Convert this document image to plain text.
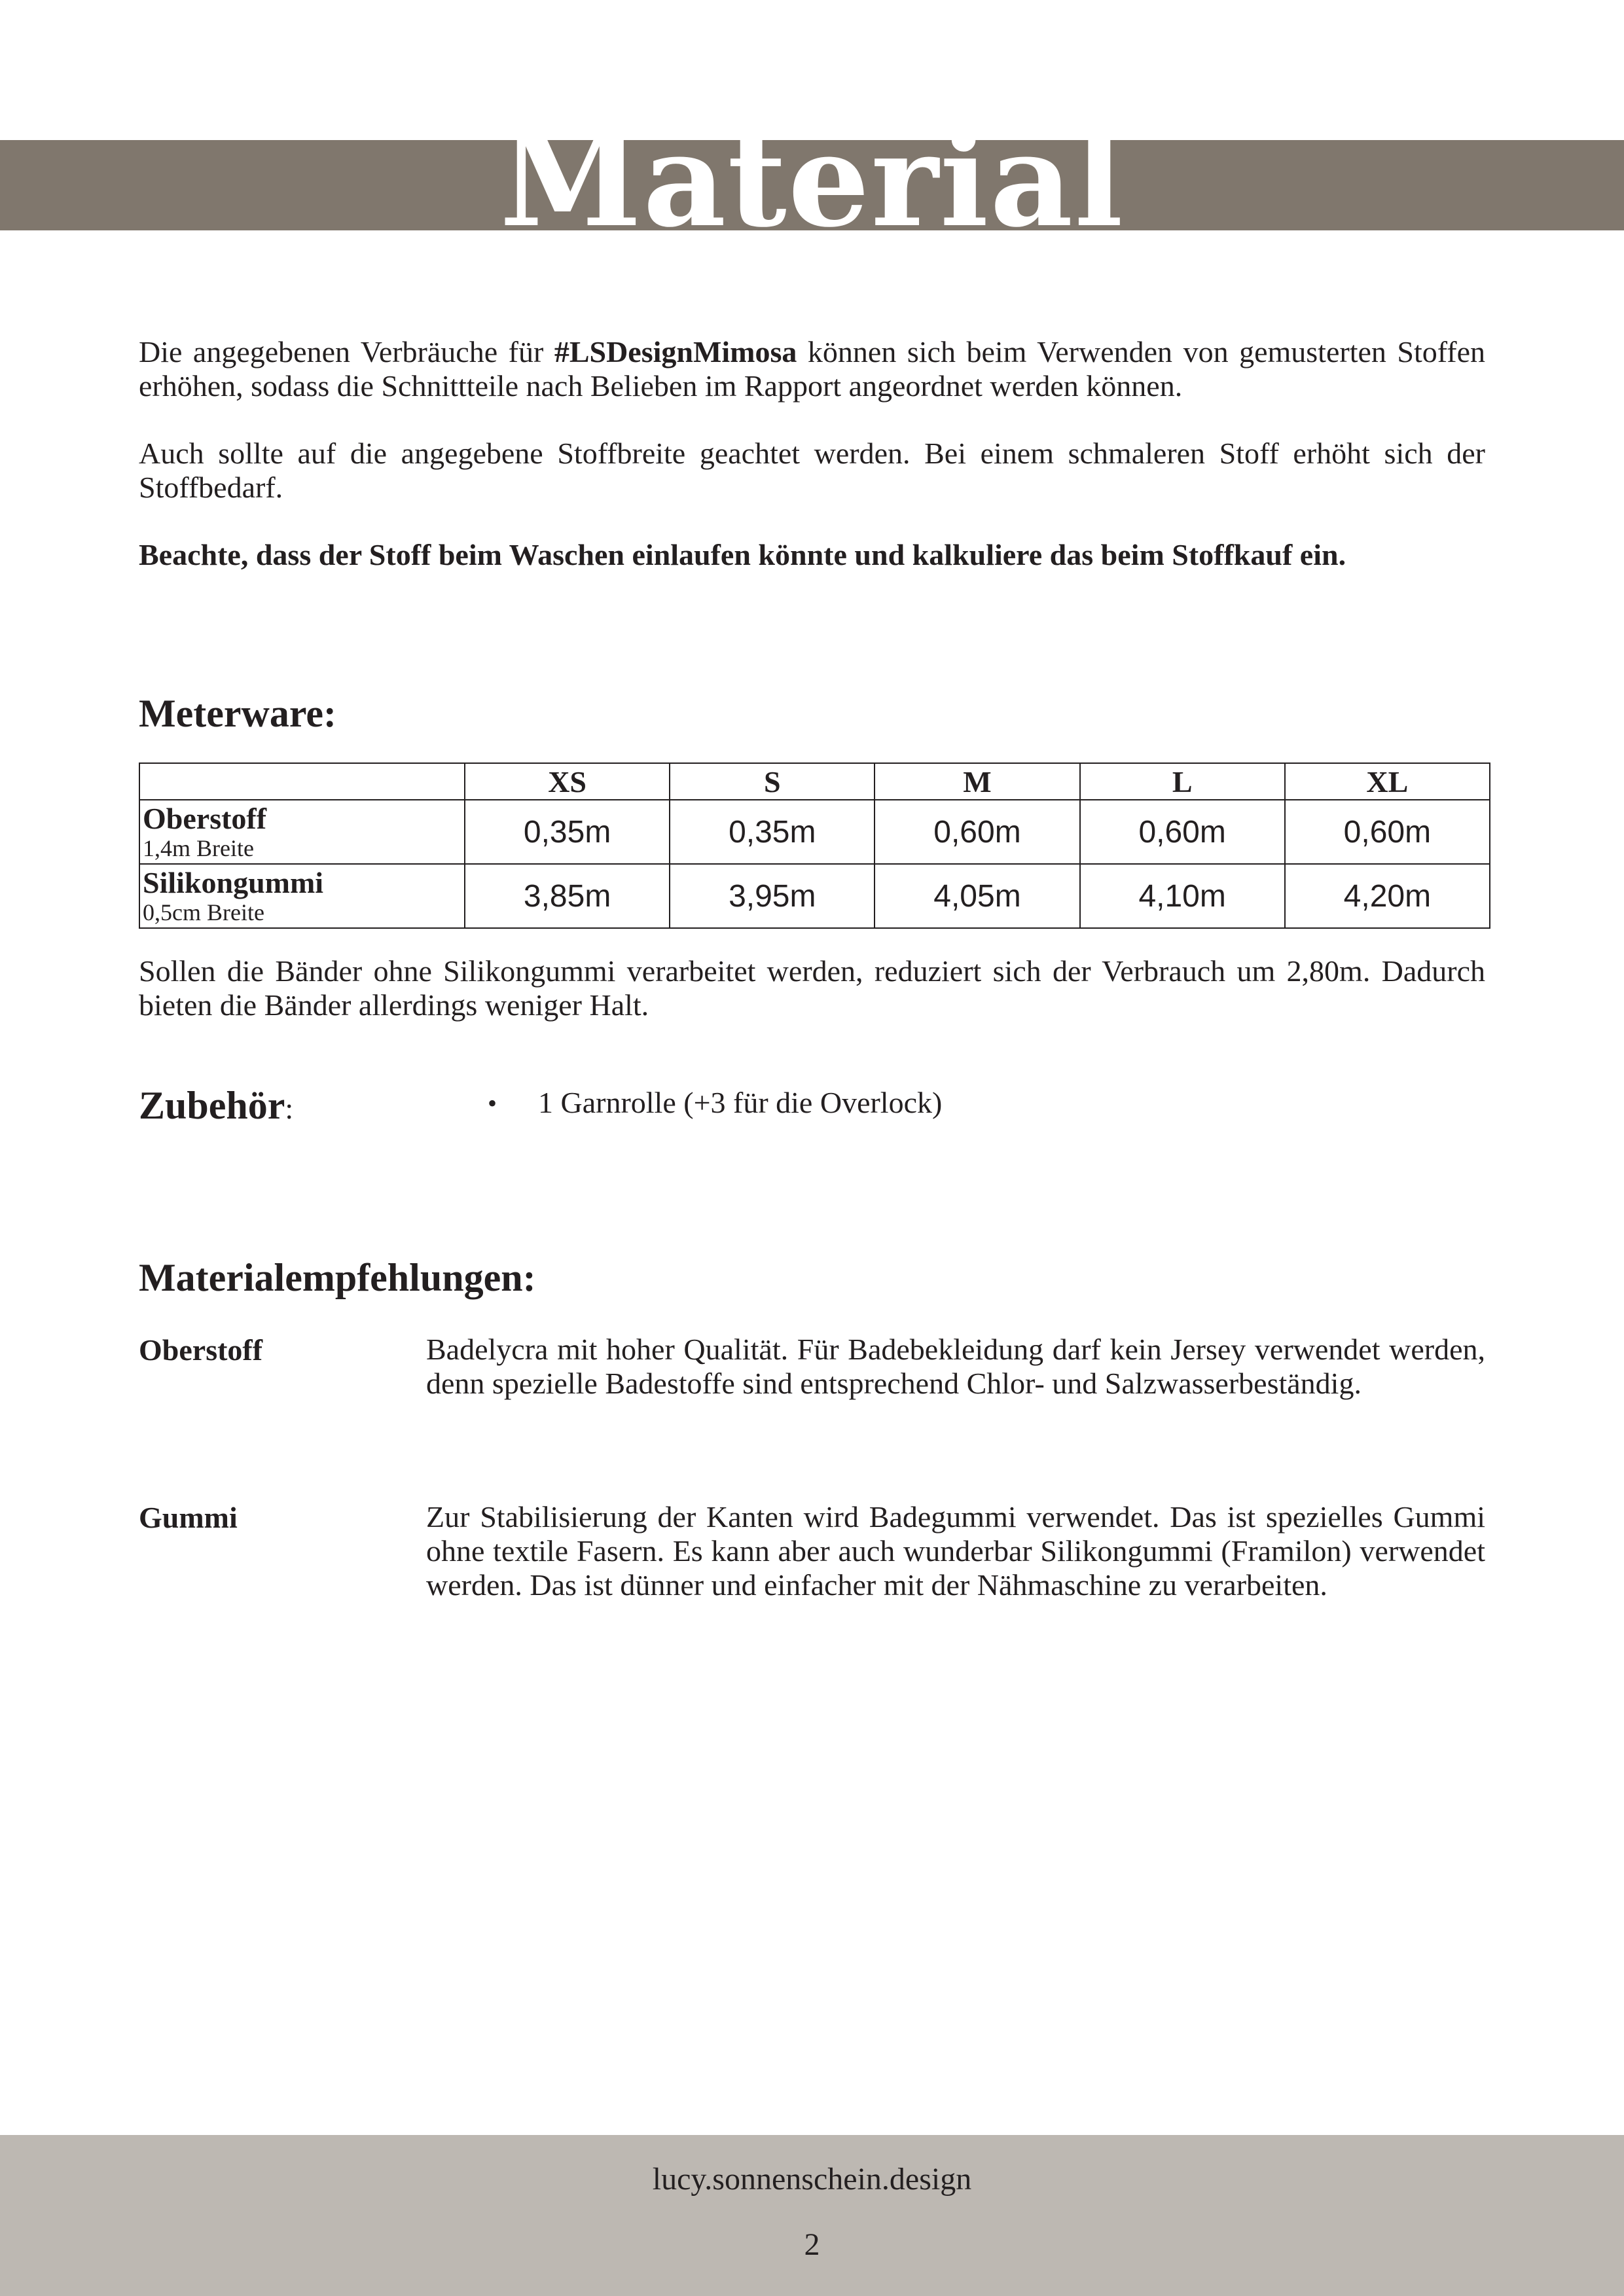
Material

Die angegebenen Verbräuche für #LSDesignMimosa können sich beim Verwenden von gemusterten Stoffen erhöhen, sodass die Schnittteile nach Belieben im Rapport angeordnet werden können.

Auch sollte auf die angegebene Stoffbreite geachtet werden. Bei einem schmaleren Stoff erhöht sich der Stoffbedarf.

Beachte, dass der Stoff beim Waschen einlaufen könnte und kalkuliere das beim Stoffkauf ein.

Meterware:
	XS	S	M	L	XL

Oberstoff
1,4m Breite	0,35m	0,35m	0,60m	0,60m	0,60m

Silikongummi
0,5cm Breite	3,85m	3,95m	4,05m	4,10m	4,20m

Sollen die Bänder ohne Silikongummi verarbeitet werden, reduziert sich der Verbrauch um 2,80m. Dadurch bieten die Bänder allerdings weniger Halt.

Zubehör:	• 1 Garnrolle (+3 für die Overlock)
Materialempfehlungen:
Oberstoff	Badelycra mit hoher Qualität. Für Badebekleidung darf kein Jersey verwendet werden, denn spezielle Badestoffe sind entsprechend Chlor- und Salzwasserbeständig.
Gummi	Zur Stabilisierung der Kanten wird Badegummi verwendet. Das ist spezielles Gummi ohne textile Fasern. Es kann aber auch wunderbar Silikongummi (Framilon) verwendet werden. Das ist dünner und einfacher mit der Nähmaschine zu verarbeiten.
lucy.sonnenschein.design
2
